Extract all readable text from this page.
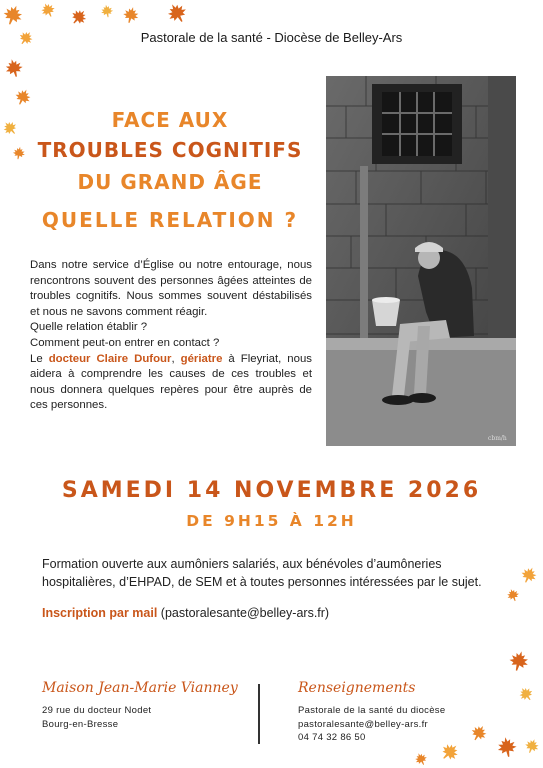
Pastorale de la santé - Diocèse de Belley-Ars
FACE AUX
TROUBLES COGNITIFS
DU GRAND ÂGE
QUELLE RELATION ?
cbm/h

Dans notre service d’Église ou notre entourage, nous rencontrons souvent des personnes âgées atteintes de troubles cognitifs. Nous sommes souvent déstabilisés et nous ne savons comment réagir.

Quelle relation établir ?

Comment peut-on entrer en contact ?

Le docteur Claire Dufour, gériatre à Fleyriat, nous aidera à comprendre les causes de ces troubles et nous donnera quelques repères pour être auprès de ces personnes.

SAMEDI 14 NOVEMBRE 2026
DE 9H15 À 12H
Formation ouverte aux aumôniers salariés, aux bénévoles d’aumôneries
hospitalières, d’EHPAD, de SEM et à toutes personnes intéressées par le sujet.
Inscription par mail (pastoralesante@belley-ars.fr)
Maison Jean-Marie Vianney
29 rue du docteur Nodet
Bourg-en-Bresse
Renseignements
Pastorale de la santé du diocèse
pastoralesante@belley-ars.fr
04 74 32 86 50
